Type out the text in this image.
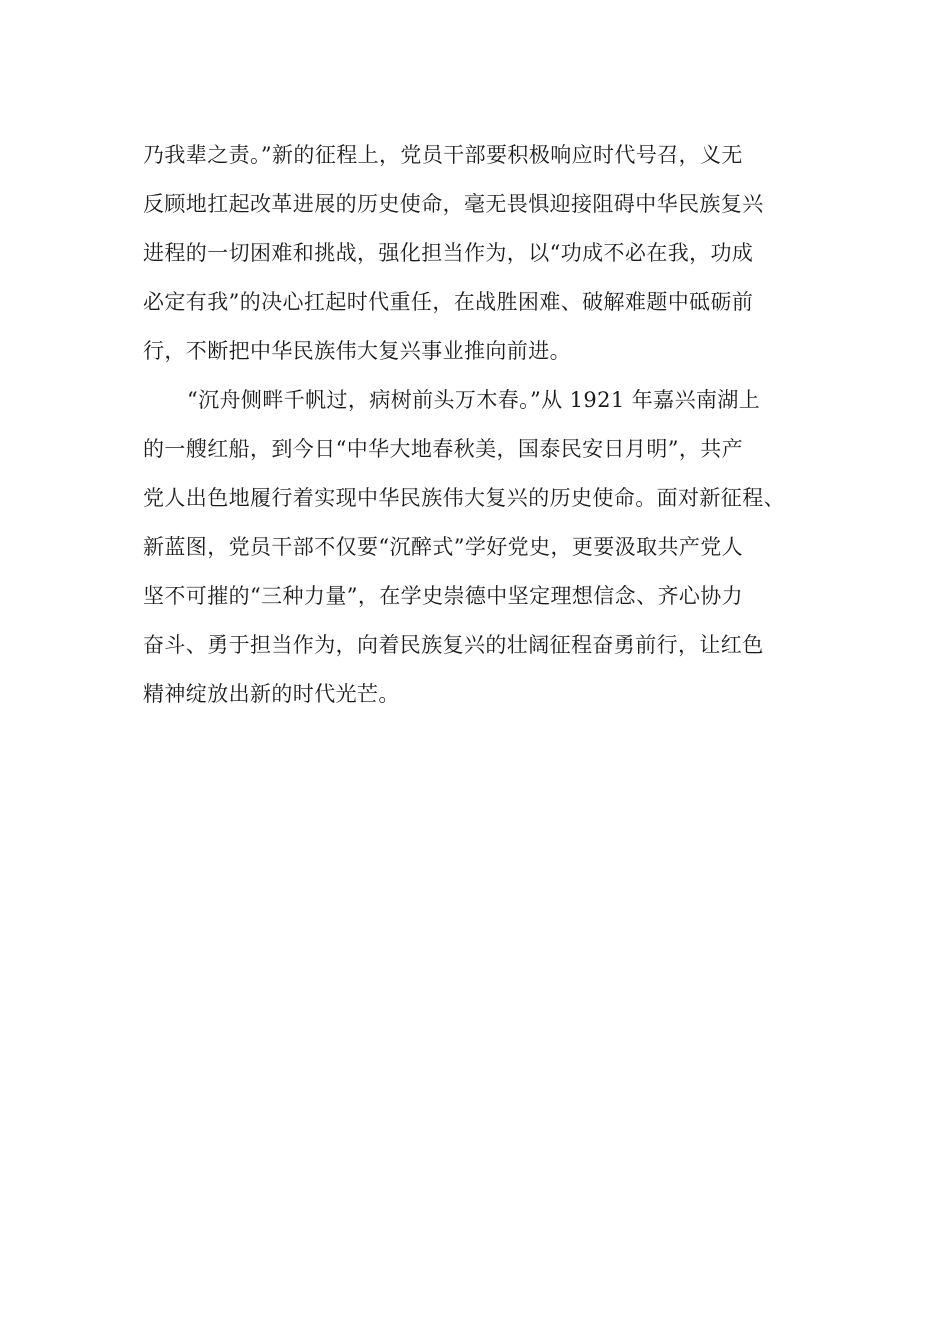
乃我辈之责。”新的征程上，党员干部要积极响应时代号召，义无
反顾地扛起改革进展的历史使命，毫无畏惧迎接阻碍中华民族复兴
进程的一切困难和挑战，强化担当作为，以“功成不必在我，功成
必定有我”的决心扛起时代重任，在战胜困难、破解难题中砥砺前
行，不断把中华民族伟大复兴事业推向前进。
“沉舟侧畔千帆过，病树前头万木春。”从 1921 年嘉兴南湖上
的一艘红船，到今日“中华大地春秋美，国泰民安日月明”，共产
党人出色地履行着实现中华民族伟大复兴的历史使命。面对新征程、
新蓝图，党员干部不仅要“沉醉式”学好党史，更要汲取共产党人
坚不可摧的“三种力量”，在学史崇德中坚定理想信念、齐心协力
奋斗、勇于担当作为，向着民族复兴的壮阔征程奋勇前行，让红色
精神绽放出新的时代光芒。
